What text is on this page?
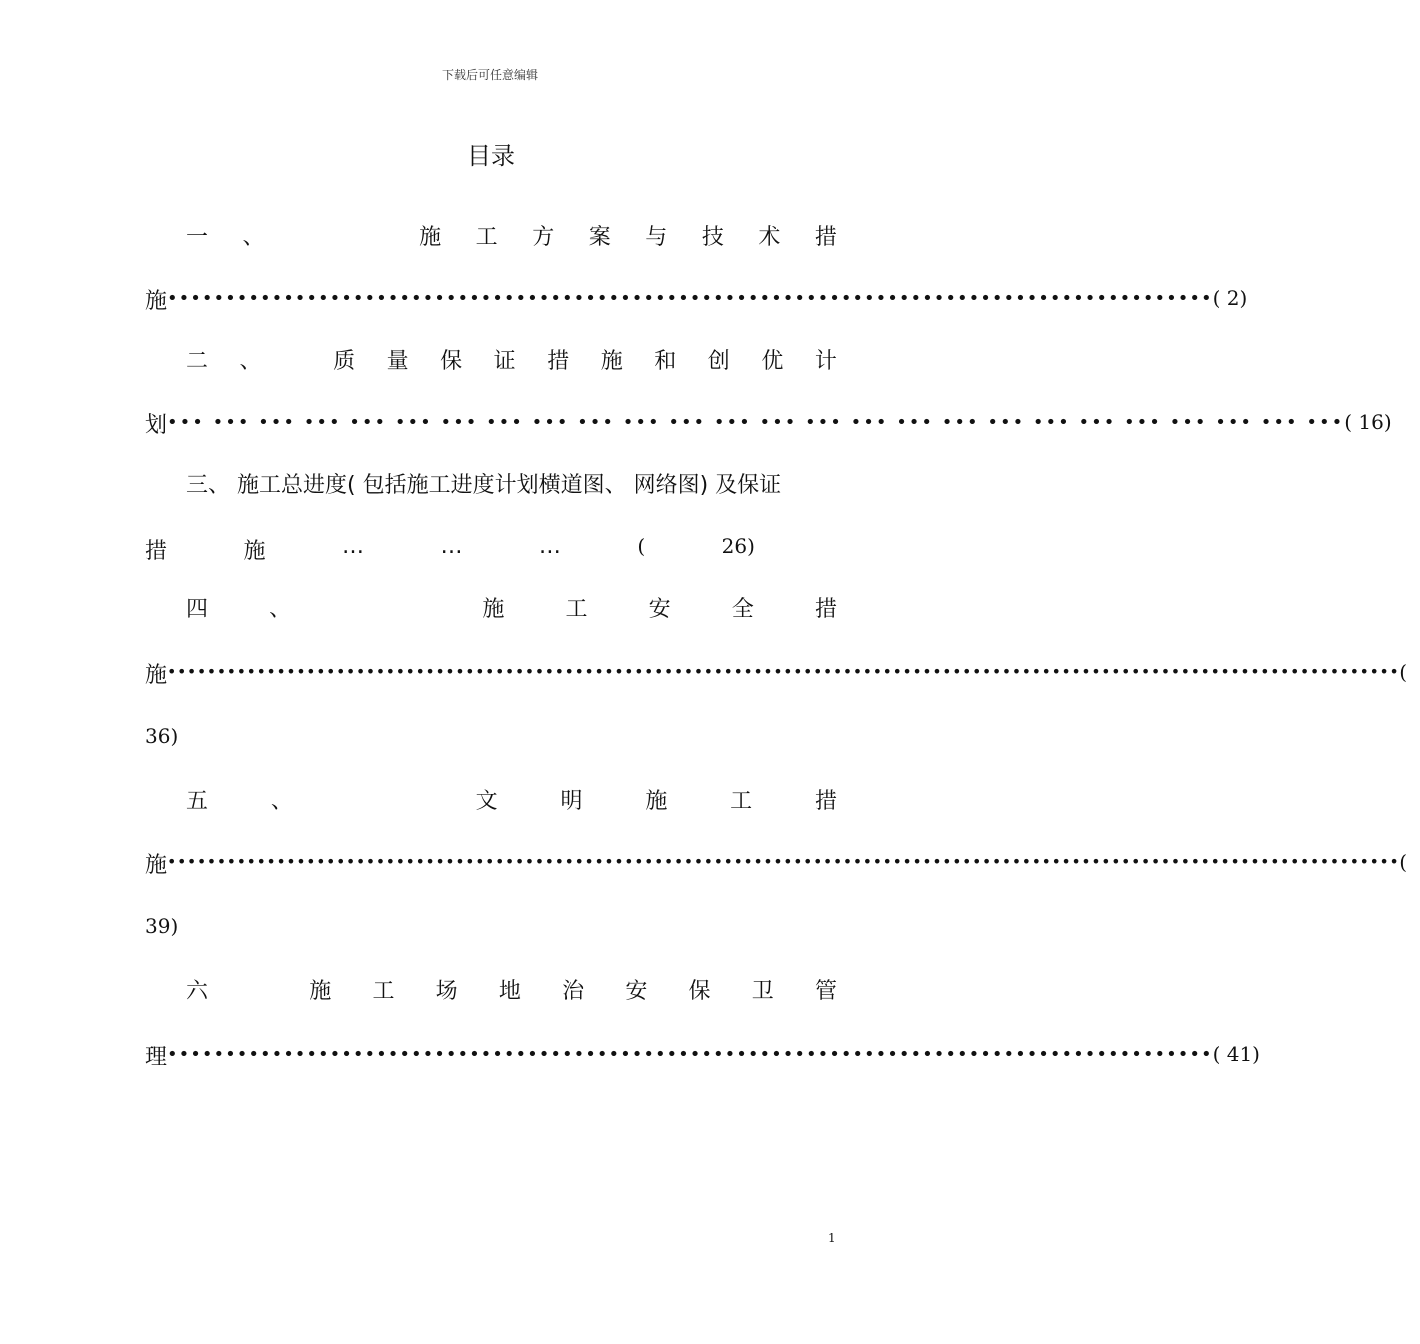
下载后可任意编辑
目录
一 、	施 工 方 案 与 技 术 措
施 •••••••••••••••••••••••••••••••••••••••••••••••••••••••••••••••••••••••••••••••••••••••••• ( 2)
二 、	质 量 保 证 措 施 和 创 优 计
划 ••• ••• ••• ••• ••• ••• ••• ••• ••• ••• ••• ••• ••• ••• ••• ••• ••• ••• ••• ••• ••• ••• ••• ••• ••• ••• ( 16)
三、 施工总进度( 包括施工进度计划横道图、 网络图) 及保证
措	施	…	…	…	(	26)
四	、	施	工	安	全	措
施 •••••••••••••••••••••••••••••••••••••••••••••••••••••••••••••••••••••••••••••••••••••••••••••••••••••••••••••••••••••••••••• (
36)
五	、	文	明	施	工	措
施 •••••••••••••••••••••••••••••••••••••••••••••••••••••••••••••••••••••••••••••••••••••••••••••••••••••••••••••••••••••••••••• (
39)
六	施 工 场 地 治 安 保 卫 管
理 •••••••••••••••••••••••••••••••••••••••••••••••••••••••••••••••••••••••••••••••••••••••••• ( 41)
1
